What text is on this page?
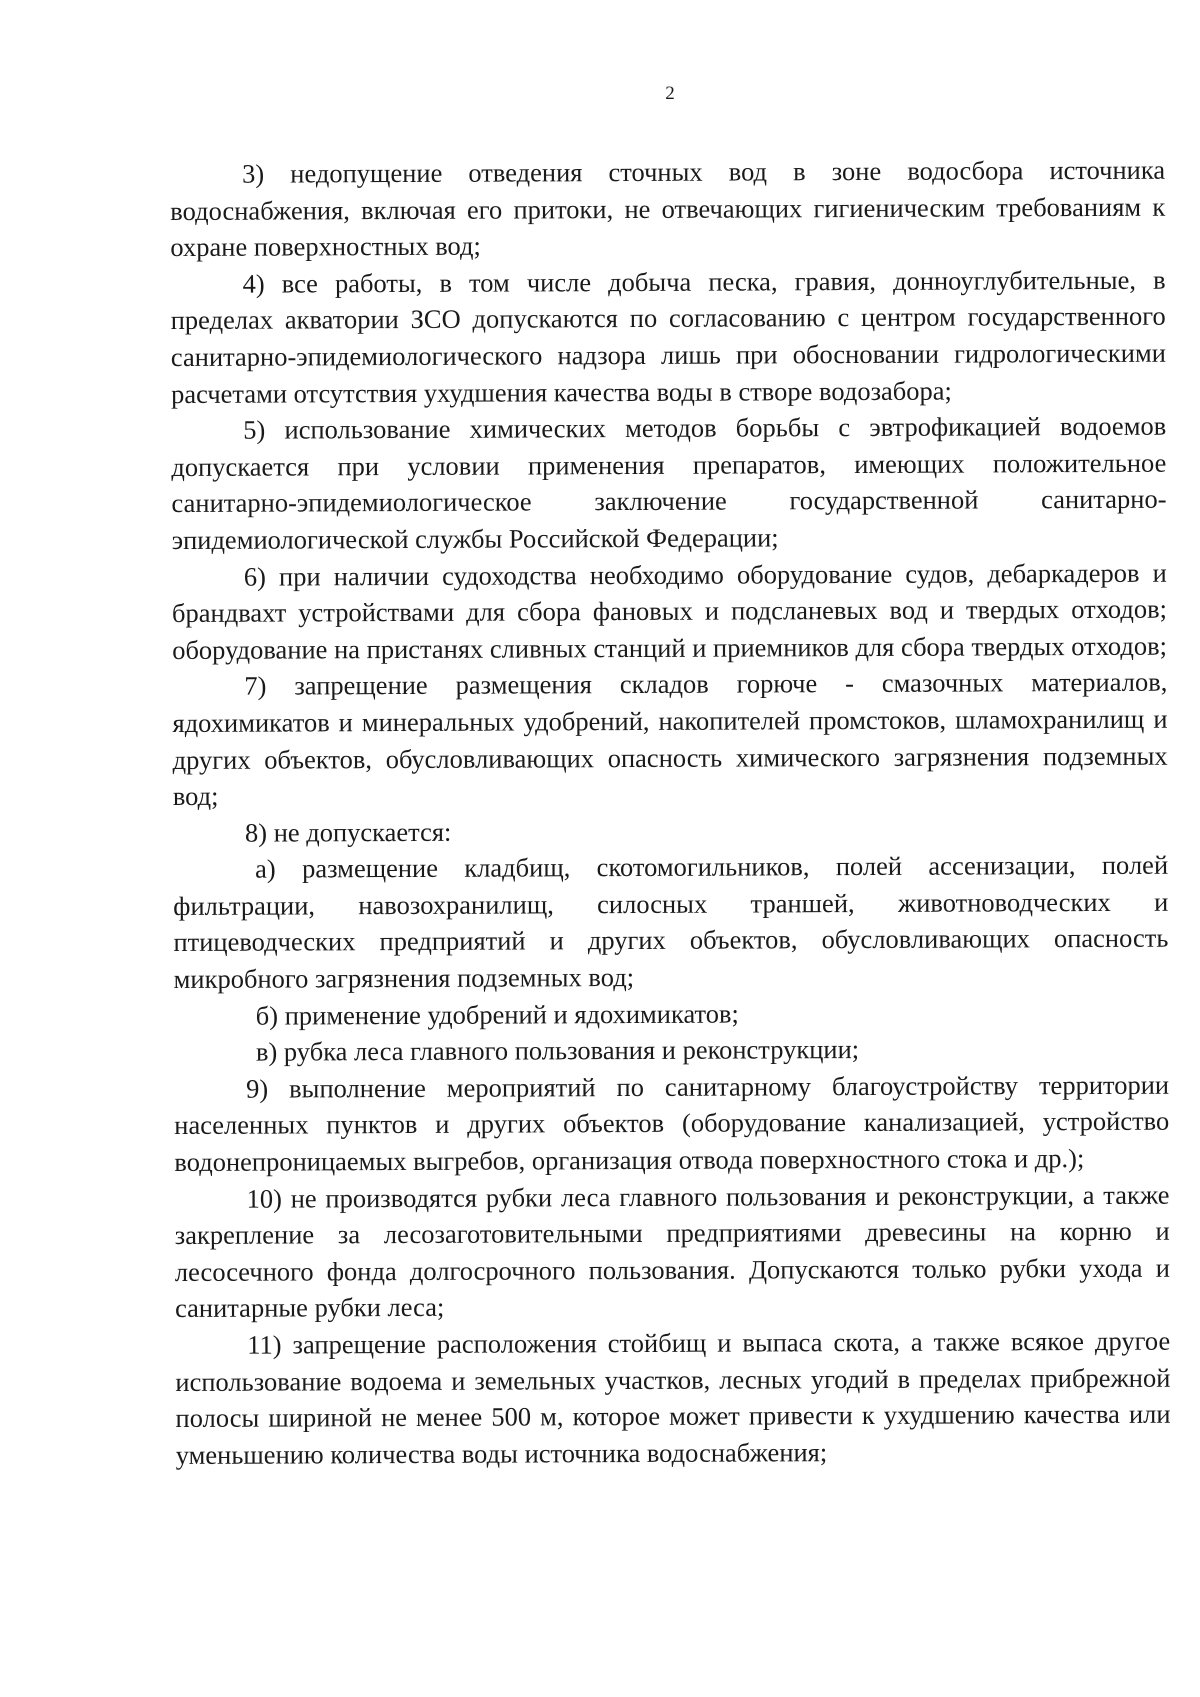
2

3) недопущение отведения сточных вод в зоне водосбора источника водоснабжения, включая его притоки, не отвечающих гигиеническим требованиям к охране поверхностных вод;

4) все работы, в том числе добыча песка, гравия, донноуглубительные, в пределах акватории ЗСО допускаются по согласованию с центром государственного санитарно-эпидемиологического надзора лишь при обосновании гидрологическими расчетами отсутствия ухудшения качества воды в створе водозабора;

5) использование химических методов борьбы с эвтрофикацией водоемов допускается при условии применения препаратов, имеющих положительное санитарно-эпидемиологическое заключение государственной санитарно-эпидемиологической службы Российской Федерации;

6) при наличии судоходства необходимо оборудование судов, дебаркадеров и брандвахт устройствами для сбора фановых и подсланевых вод и твердых отходов; оборудование на пристанях сливных станций и приемников для сбора твердых отходов;

7) запрещение размещения складов горюче - смазочных материалов, ядохимикатов и минеральных удобрений, накопителей промстоков, шламохранилищ и других объектов, обусловливающих опасность химического загрязнения подземных вод;

8) не допускается:

а) размещение кладбищ, скотомогильников, полей ассенизации, полей фильтрации, навозохранилищ, силосных траншей, животноводческих и птицеводческих предприятий и других объектов, обусловливающих опасность микробного загрязнения подземных вод;

б) применение удобрений и ядохимикатов;

в) рубка леса главного пользования и реконструкции;

9) выполнение мероприятий по санитарному благоустройству территории населенных пунктов и других объектов (оборудование канализацией, устройство водонепроницаемых выгребов, организация отвода поверхностного стока и др.);

10) не производятся рубки леса главного пользования и реконструкции, а также закрепление за лесозаготовительными предприятиями древесины на корню и лесосечного фонда долгосрочного пользования. Допускаются только рубки ухода и санитарные рубки леса;

11) запрещение расположения стойбищ и выпаса скота, а также всякое другое использование водоема и земельных участков, лесных угодий в пределах прибрежной полосы шириной не менее 500 м, которое может привести к ухудшению качества или уменьшению количества воды источника водоснабжения;
